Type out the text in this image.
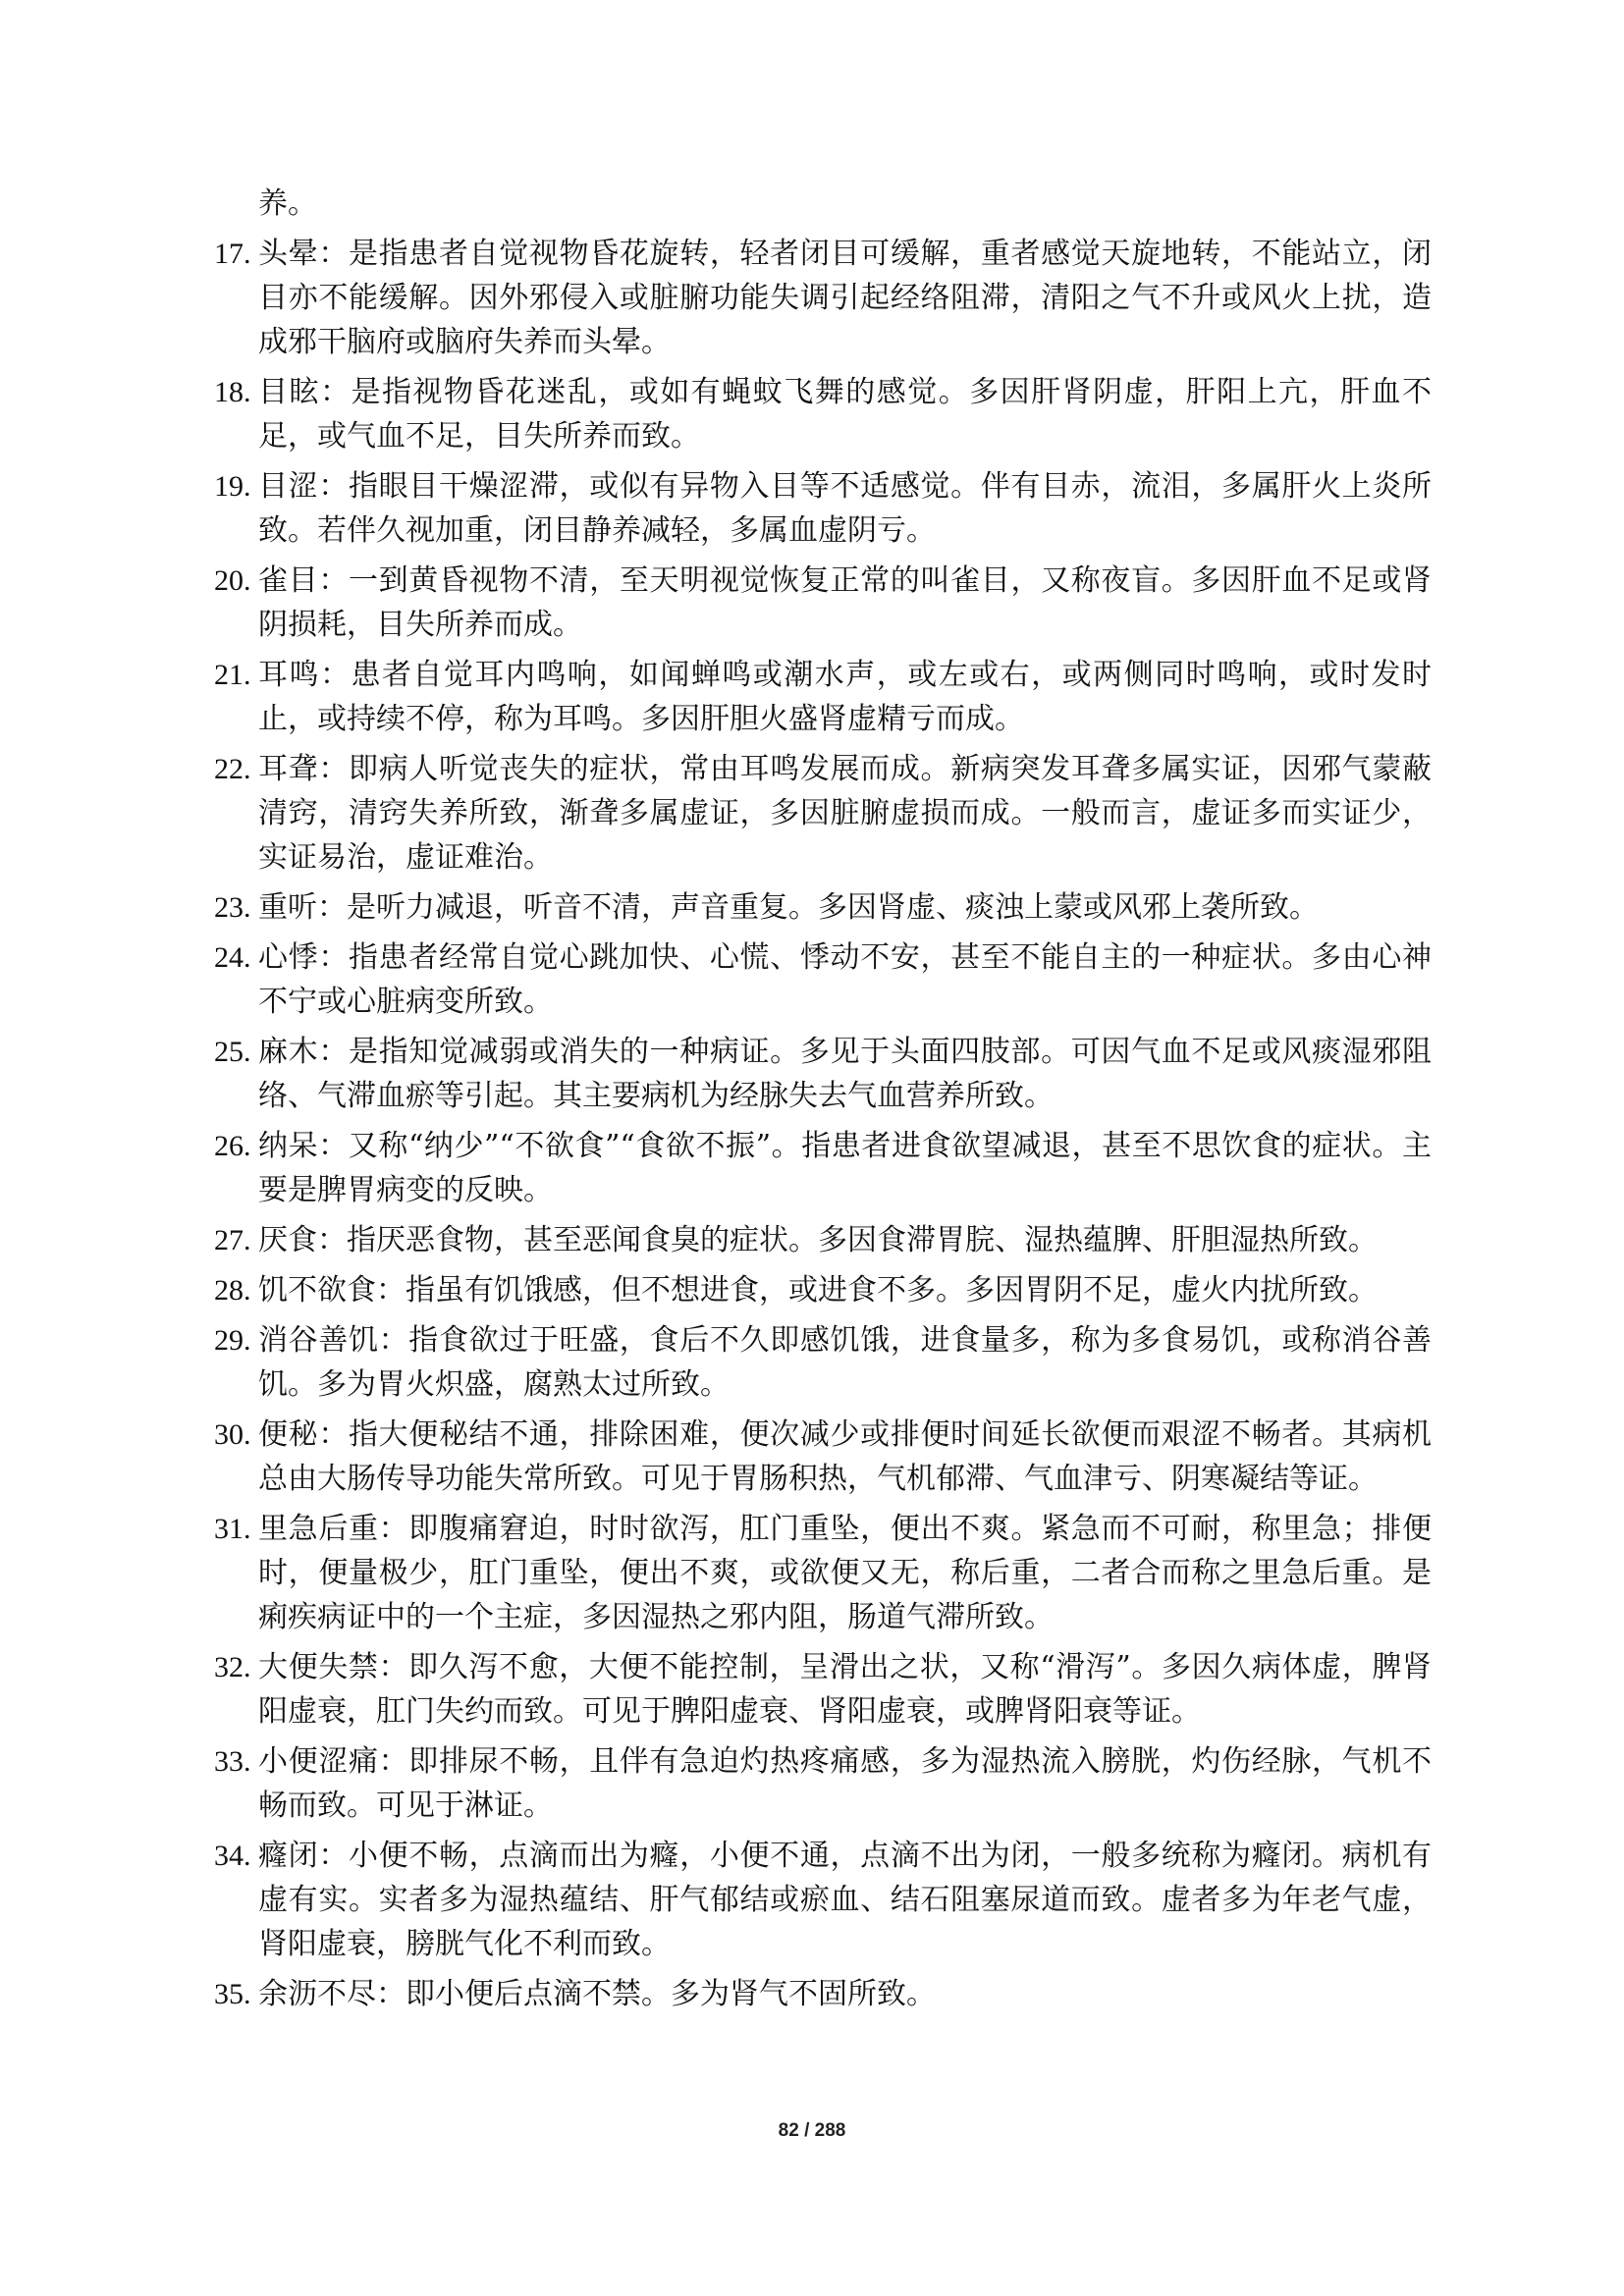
养。
17. 头晕：是指患者自觉视物昏花旋转，轻者闭目可缓解，重者感觉天旋地转，不能站立，闭目亦不能缓解。因外邪侵入或脏腑功能失调引起经络阻滞，清阳之气不升或风火上扰，造成邪干脑府或脑府失养而头晕。
18. 目眩：是指视物昏花迷乱，或如有蝇蚊飞舞的感觉。多因肝肾阴虚，肝阳上亢，肝血不足，或气血不足，目失所养而致。
19. 目涩：指眼目干燥涩滞，或似有异物入目等不适感觉。伴有目赤，流泪，多属肝火上炎所致。若伴久视加重，闭目静养减轻，多属血虚阴亏。
20. 雀目：一到黄昏视物不清，至天明视觉恢复正常的叫雀目，又称夜盲。多因肝血不足或肾阴损耗，目失所养而成。
21. 耳鸣：患者自觉耳内鸣响，如闻蝉鸣或潮水声，或左或右，或两侧同时鸣响，或时发时止，或持续不停，称为耳鸣。多因肝胆火盛肾虚精亏而成。
22. 耳聋：即病人听觉丧失的症状，常由耳鸣发展而成。新病突发耳聋多属实证，因邪气蒙蔽清窍，清窍失养所致，渐聋多属虚证，多因脏腑虚损而成。一般而言，虚证多而实证少，实证易治，虚证难治。
23. 重听：是听力减退，听音不清，声音重复。多因肾虚、痰浊上蒙或风邪上袭所致。
24. 心悸：指患者经常自觉心跳加快、心慌、悸动不安，甚至不能自主的一种症状。多由心神不宁或心脏病变所致。
25. 麻木：是指知觉减弱或消失的一种病证。多见于头面四肢部。可因气血不足或风痰湿邪阻络、气滞血瘀等引起。其主要病机为经脉失去气血营养所致。
26. 纳呆：又称“纳少”“不欲食”“食欲不振”。指患者进食欲望减退，甚至不思饮食的症状。主要是脾胃病变的反映。
27. 厌食：指厌恶食物，甚至恶闻食臭的症状。多因食滞胃脘、湿热蕴脾、肝胆湿热所致。
28. 饥不欲食：指虽有饥饿感，但不想进食，或进食不多。多因胃阴不足，虚火内扰所致。
29. 消谷善饥：指食欲过于旺盛，食后不久即感饥饿，进食量多，称为多食易饥，或称消谷善饥。多为胃火炽盛，腐熟太过所致。
30. 便秘：指大便秘结不通，排除困难，便次减少或排便时间延长欲便而艰涩不畅者。其病机总由大肠传导功能失常所致。可见于胃肠积热，气机郁滞、气血津亏、阴寒凝结等证。
31. 里急后重：即腹痛窘迫，时时欲泻，肛门重坠，便出不爽。紧急而不可耐，称里急；排便时，便量极少，肛门重坠，便出不爽，或欲便又无，称后重，二者合而称之里急后重。是痢疾病证中的一个主症，多因湿热之邪内阻，肠道气滞所致。
32. 大便失禁：即久泻不愈，大便不能控制，呈滑出之状，又称“滑泻”。多因久病体虚，脾肾阳虚衰，肛门失约而致。可见于脾阳虚衰、肾阳虚衰，或脾肾阳衰等证。
33. 小便涩痛：即排尿不畅，且伴有急迫灼热疼痛感，多为湿热流入膀胱，灼伤经脉，气机不畅而致。可见于淋证。
34. 癃闭：小便不畅，点滴而出为癃，小便不通，点滴不出为闭，一般多统称为癃闭。病机有虚有实。实者多为湿热蕴结、肝气郁结或瘀血、结石阻塞尿道而致。虚者多为年老气虚，肾阳虚衰，膀胱气化不利而致。
35. 余沥不尽：即小便后点滴不禁。多为肾气不固所致。
82 / 288
